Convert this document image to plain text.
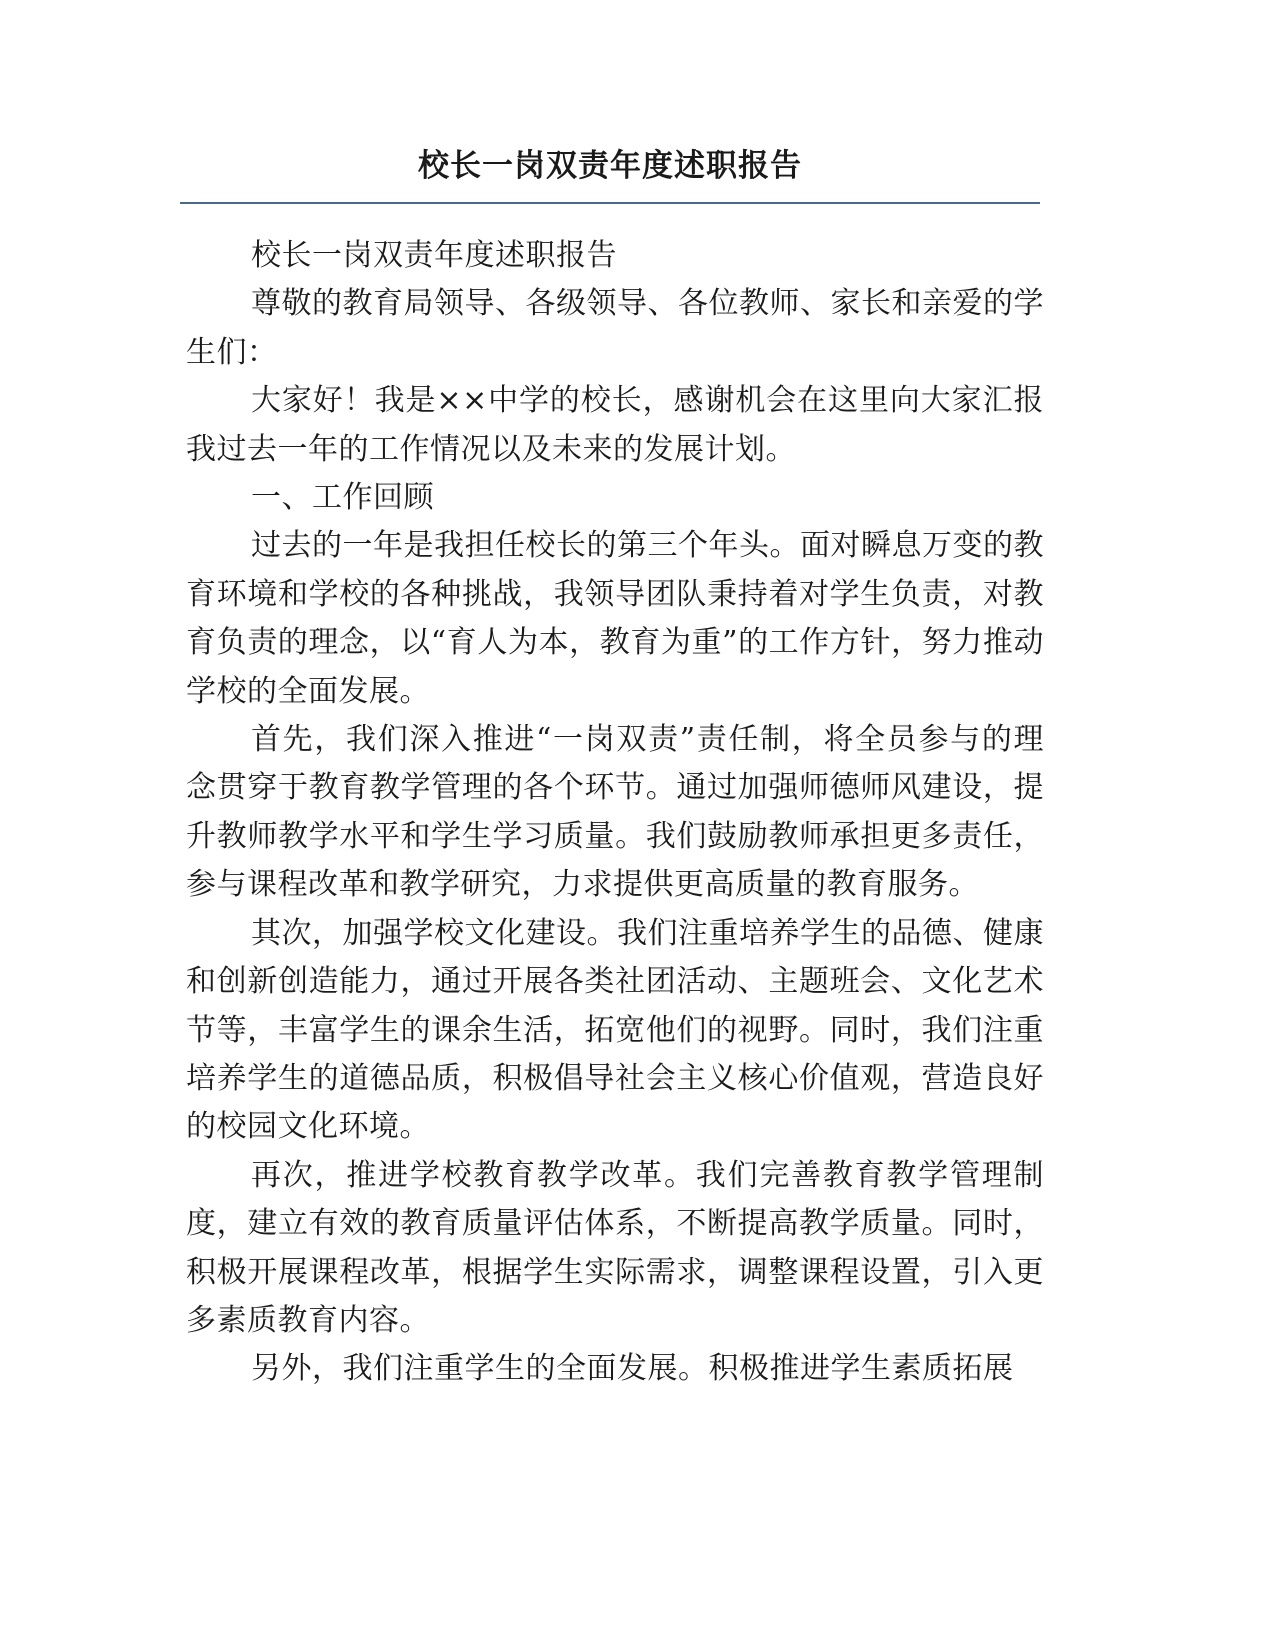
校长一岗双责年度述职报告

校长一岗双责年度述职报告

尊敬的教育局领导、各级领导、各位教师、家长和亲爱的学生们：

大家好！我是××中学的校长，感谢机会在这里向大家汇报我过去一年的工作情况以及未来的发展计划。

一、工作回顾

过去的一年是我担任校长的第三个年头。面对瞬息万变的教育环境和学校的各种挑战，我领导团队秉持着对学生负责，对教育负责的理念，以“育人为本，教育为重”的工作方针，努力推动学校的全面发展。

首先，我们深入推进“一岗双责”责任制，将全员参与的理念贯穿于教育教学管理的各个环节。通过加强师德师风建设，提升教师教学水平和学生学习质量。我们鼓励教师承担更多责任，参与课程改革和教学研究，力求提供更高质量的教育服务。

其次，加强学校文化建设。我们注重培养学生的品德、健康和创新创造能力，通过开展各类社团活动、主题班会、文化艺术节等，丰富学生的课余生活，拓宽他们的视野。同时，我们注重培养学生的道德品质，积极倡导社会主义核心价值观，营造良好的校园文化环境。

再次，推进学校教育教学改革。我们完善教育教学管理制度，建立有效的教育质量评估体系，不断提高教学质量。同时，积极开展课程改革，根据学生实际需求，调整课程设置，引入更多素质教育内容。

另外，我们注重学生的全面发展。积极推进学生素质拓展
